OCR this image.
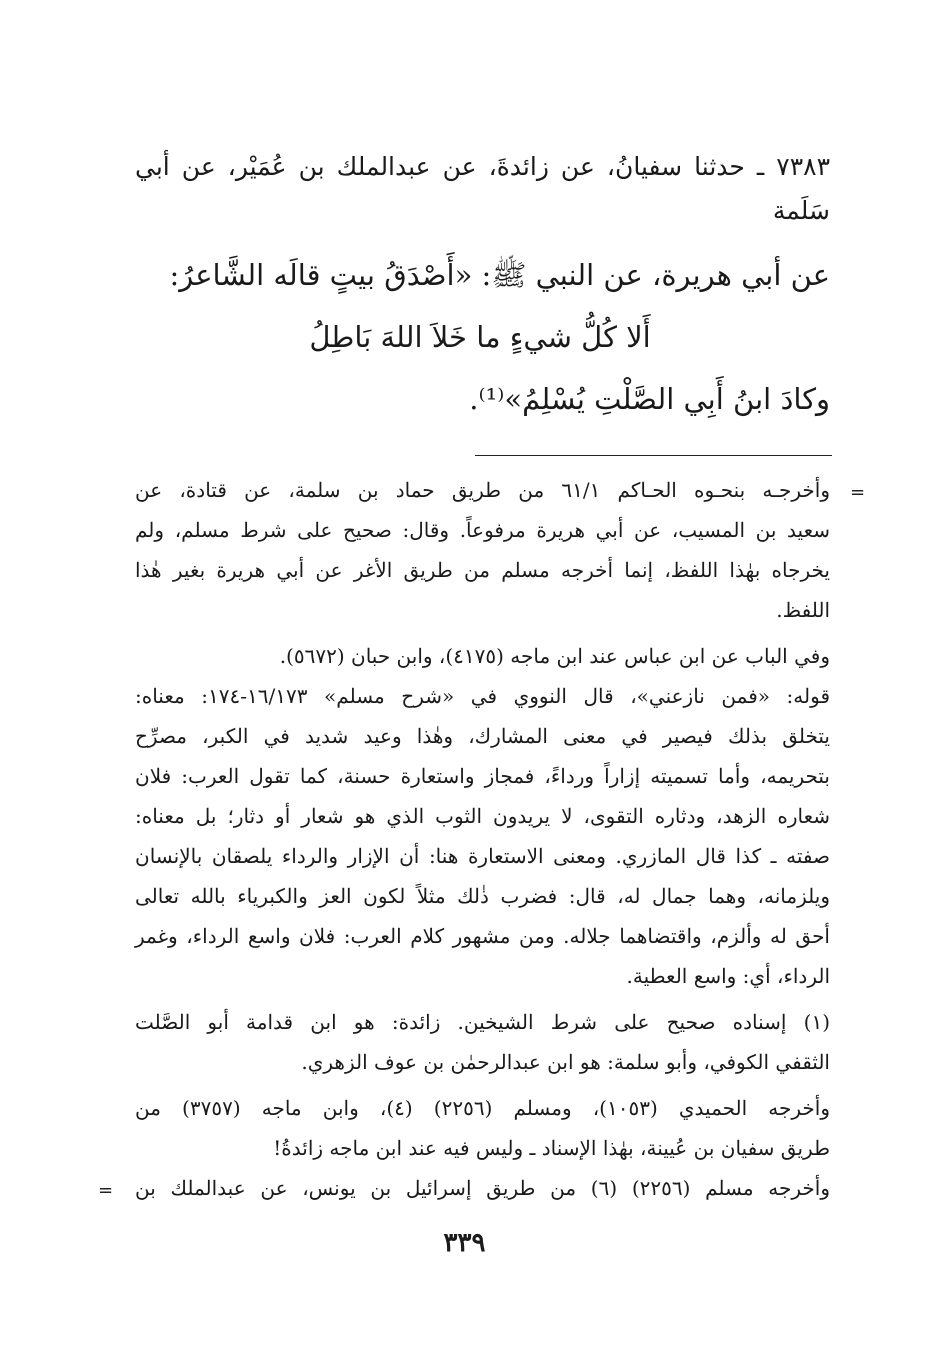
٧٣٨٣ ـ حدثنا سفيانُ، عن زائدةَ، عن عبدالملك بن عُمَيْر، عن أبي
سَلَمة
عن أبي هريرة، عن النبي ﷺ: «أَصْدَقُ بيتٍ قالَه الشَّاعرُ:
أَلا كُلُّ شيءٍ ما خَلاَ اللهَ بَاطِلُ
وكادَ ابنُ أَبِي الصَّلْتِ يُسْلِمُ»⁽¹⁾.
=
=
وأخرجـه بنحـوه الحـاكم ٦١/١ من طريق حماد بن سلمة، عن قتادة، عن
سعيد بن المسيب، عن أبي هريرة مرفوعاً. وقال: صحيح على شرط مسلم، ولم
يخرجاه بهٰذا اللفظ، إنما أخرجه مسلم من طريق الأغر عن أبي هريرة بغير هٰذا
اللفظ.
وفي الباب عن ابن عباس عند ابن ماجه (٤١٧٥)، وابن حبان (٥٦٧٢).
قوله: «فمن نازعني»، قال النووي في «شرح مسلم» ١٦/١٧٣-١٧٤: معناه:
يتخلق بذلك فيصير في معنى المشارك، وهٰذا وعيد شديد في الكبر، مصرِّح
بتحريمه، وأما تسميته إزاراً ورداءً، فمجاز واستعارة حسنة، كما تقول العرب: فلان
شعاره الزهد، ودثاره التقوى، لا يريدون الثوب الذي هو شعار أو دثار؛ بل معناه:
صفته ـ كذا قال المازري. ومعنى الاستعارة هنا: أن الإزار والرداء يلصقان بالإنسان
ويلزمانه، وهما جمال له، قال: فضرب ذٰلك مثلاً لكون العز والكبرياء بالله تعالى
أحق له وألزم، واقتضاهما جلاله. ومن مشهور كلام العرب: فلان واسع الرداء، وغمر
الرداء، أي: واسع العطية.
(١) إسناده صحيح على شرط الشيخين. زائدة: هو ابن قدامة أبو الصَّلت
الثقفي الكوفي، وأبو سلمة: هو ابن عبدالرحمٰن بن عوف الزهري.
وأخرجه الحميدي (١٠٥٣)، ومسلم (٢٢٥٦) (٤)، وابن ماجه (٣٧٥٧) من
طريق سفيان بن عُيينة، بهٰذا الإسناد ـ وليس فيه عند ابن ماجه زائدةُ!
وأخرجه مسلم (٢٢٥٦) (٦) من طريق إسرائيل بن يونس، عن عبدالملك بن
٣٣٩
